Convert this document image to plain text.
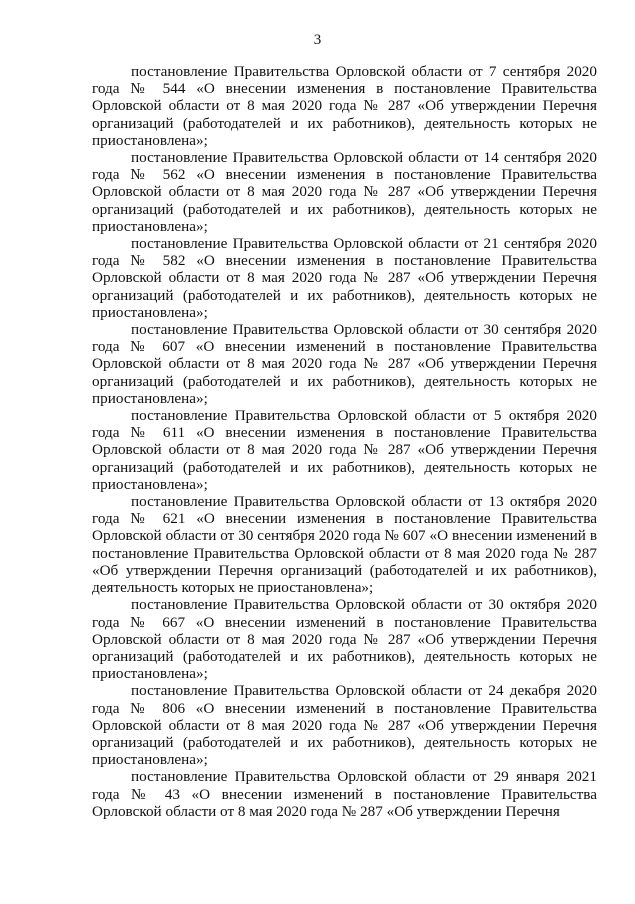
3

постановление Правительства Орловской области от 7 сентября 2020 года № 544 «О внесении изменения в постановление Правительства Орловской области от 8 мая 2020 года № 287 «Об утверждении Перечня организаций (работодателей и их работников), деятельность которых не приостановлена»;

постановление Правительства Орловской области от 14 сентября 2020 года № 562 «О внесении изменения в постановление Правительства Орловской области от 8 мая 2020 года № 287 «Об утверждении Перечня организаций (работодателей и их работников), деятельность которых не приостановлена»;

постановление Правительства Орловской области от 21 сентября 2020 года № 582 «О внесении изменения в постановление Правительства Орловской области от 8 мая 2020 года № 287 «Об утверждении Перечня организаций (работодателей и их работников), деятельность которых не приостановлена»;

постановление Правительства Орловской области от 30 сентября 2020 года № 607 «О внесении изменений в постановление Правительства Орловской области от 8 мая 2020 года № 287 «Об утверждении Перечня организаций (работодателей и их работников), деятельность которых не приостановлена»;

постановление Правительства Орловской области от 5 октября 2020 года № 611 «О внесении изменения в постановление Правительства Орловской области от 8 мая 2020 года № 287 «Об утверждении Перечня организаций (работодателей и их работников), деятельность которых не приостановлена»;

постановление Правительства Орловской области от 13 октября 2020 года № 621 «О внесении изменения в постановление Правительства Орловской области от 30 сентября 2020 года № 607 «О внесении изменений в постановление Правительства Орловской области от 8 мая 2020 года № 287 «Об утверждении Перечня организаций (работодателей и их работников), деятельность которых не приостановлена»;

постановление Правительства Орловской области от 30 октября 2020 года № 667 «О внесении изменений в постановление Правительства Орловской области от 8 мая 2020 года № 287 «Об утверждении Перечня организаций (работодателей и их работников), деятельность которых не приостановлена»;

постановление Правительства Орловской области от 24 декабря 2020 года № 806 «О внесении изменений в постановление Правительства Орловской области от 8 мая 2020 года № 287 «Об утверждении Перечня организаций (работодателей и их работников), деятельность которых не приостановлена»;

постановление Правительства Орловской области от 29 января 2021 года № 43 «О внесении изменений в постановление Правительства Орловской области от 8 мая 2020 года № 287 «Об утверждении Перечня
